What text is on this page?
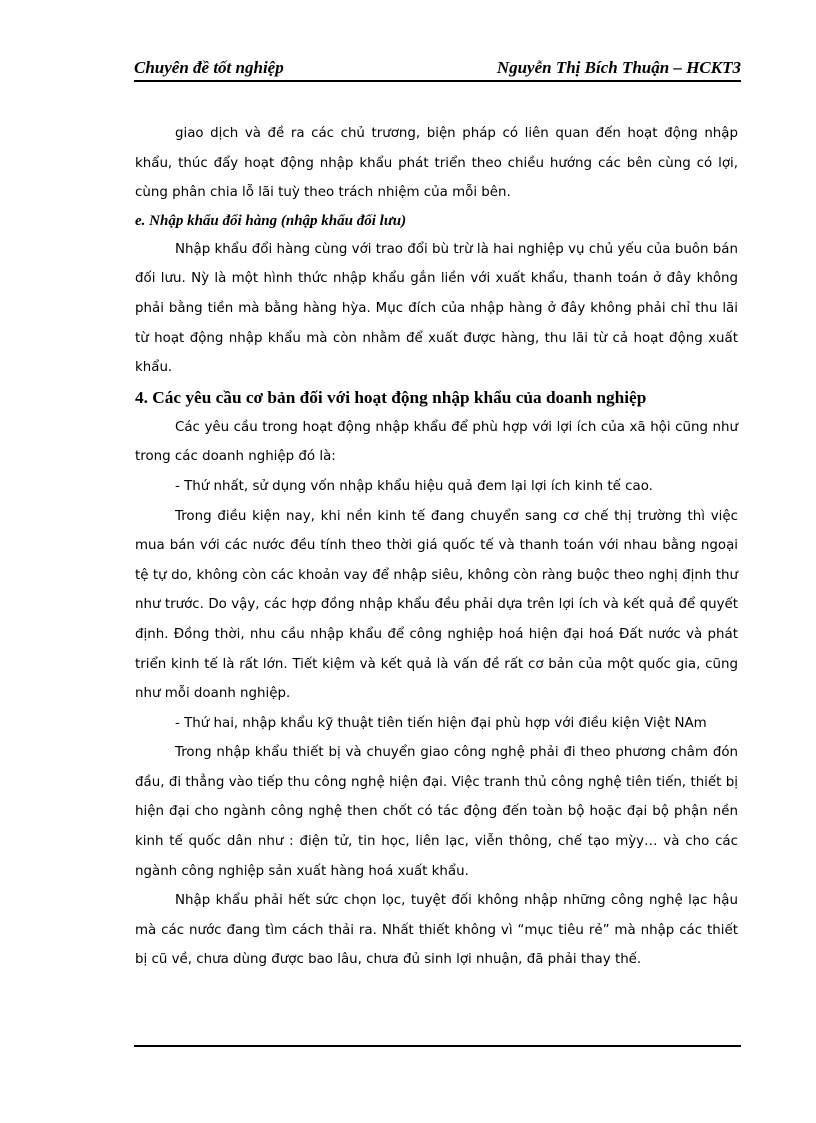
Chuyên đề tốt nghiệp	Nguyễn Thị Bích Thuận – HCKT3

giao dịch và đề ra các chủ trương, biện pháp có liên quan đến hoạt động nhập khẩu, thúc đẩy hoạt động nhập khẩu phát triển theo chiều hướng các bên cùng có lợi, cùng phân chia lỗ lãi tuỳ theo trách nhiệm của mỗi bên.

e. Nhập khẩu đổi hàng (nhập khẩu đối lưu)

Nhập khẩu đổi hàng cùng với trao đổi bù trừ là hai nghiệp vụ chủ yếu của buôn bán đối lưu. Nỳ là một hình thức nhập khẩu gắn liền với xuất khẩu, thanh toán ở đây không phải bằng tiền mà bằng hàng hỳa. Mục đích của nhập hàng ở đây không phải chỉ thu lãi từ hoạt động nhập khẩu mà còn nhằm để xuất được hàng, thu lãi từ cả hoạt động xuất khẩu.

4. Các yêu cầu cơ bản đối với hoạt động nhập khẩu của doanh nghiệp

Các yêu cầu trong hoạt động nhập khẩu để phù hợp với lợi ích của xã hội cũng như trong các doanh nghiệp đó là:

- Thứ nhất, sử dụng vốn nhập khẩu hiệu quả đem lại lợi ích kinh tế cao.

Trong điều kiện nay, khi nền kinh tế đang chuyển sang cơ chế thị trường thì việc mua bán với các nước đều tính theo thời giá quốc tế và thanh toán với nhau bằng ngoại tệ tự do, không còn các khoản vay để nhập siêu, không còn ràng buộc theo nghị định thư như trước. Do vậy, các hợp đồng nhập khẩu đều phải dựa trên lợi ích và kết quả để quyết định. Đồng thời, nhu cầu nhập khẩu để công nghiệp hoá hiện đại hoá Đất nước và phát triển kinh tế là rất lớn. Tiết kiệm và kết quả là vấn đề rất cơ bản của một quốc gia, cũng như mỗi doanh nghiệp.

- Thứ hai, nhập khẩu kỹ thuật tiên tiến hiện đại phù hợp với điều kiện Việt NAm

Trong nhập khẩu thiết bị và chuyển giao công nghệ phải đi theo phương châm đón đầu, đi thẳng vào tiếp thu công nghệ hiện đại. Việc tranh thủ công nghệ tiên tiến, thiết bị hiện đại cho ngành công nghệ then chốt có tác động đến toàn bộ hoặc đại bộ phận nền kinh tế quốc dân như : điện tử, tin học, liên lạc, viễn thông, chế tạo mỳy… và cho các ngành công nghiệp sản xuất hàng hoá xuất khẩu.

Nhập khẩu phải hết sức chọn lọc, tuyệt đối không nhập những công nghệ lạc hậu mà các nước đang tìm cách thải ra. Nhất thiết không vì “mục tiêu rẻ” mà nhập các thiết bị cũ về, chưa dùng được bao lâu, chưa đủ sinh lợi nhuận, đã phải thay thế.
